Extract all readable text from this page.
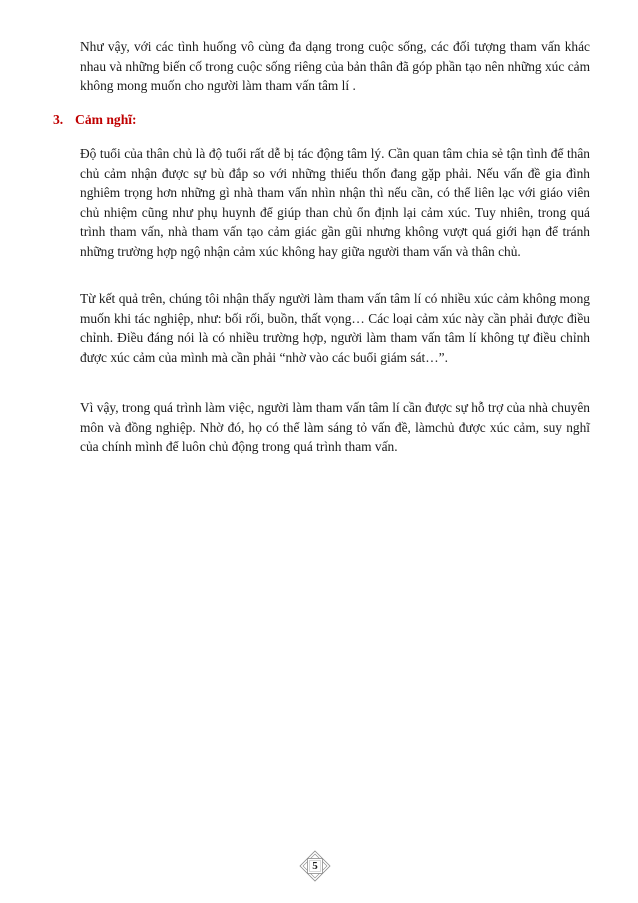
Như vậy, với các tình huống vô cùng đa dạng trong cuộc sống, các đối tượng tham vấn khác nhau và những biến cố trong cuộc sống riêng của bản thân đã góp phần tạo nên những xúc cảm không mong muốn cho người làm tham vấn tâm lí .

3. Cảm nghĩ:

Độ tuổi của thân chủ là độ tuổi rất dễ bị tác động tâm lý. Cần quan tâm chia sẻ tận tình để thân chủ cảm nhận được sự bù đắp so với những thiếu thốn đang gặp phải. Nếu vấn đề gia đình nghiêm trọng hơn những gì nhà tham vấn nhìn nhận thì nếu cần, có thể liên lạc với giáo viên chủ nhiệm cũng như phụ huynh để giúp than chủ ổn định lại cảm xúc. Tuy nhiên, trong quá trình tham vấn, nhà tham vấn tạo cảm giác gần gũi nhưng không vượt quá giới hạn để tránh những trường hợp ngộ nhận cảm xúc không hay giữa người tham vấn và thân chủ.

Từ kết quả trên, chúng tôi nhận thấy người làm tham vấn tâm lí có nhiều xúc cảm không mong muốn khi tác nghiệp, như: bối rối, buồn, thất vọng… Các loại cảm xúc này cần phải được điều chỉnh. Điều đáng nói là có nhiều trường hợp, người làm tham vấn tâm lí không tự điều chỉnh được xúc cảm của mình mà cần phải “nhờ vào các buổi giám sát…”.

Vì vậy, trong quá trình làm việc, người làm tham vấn tâm lí cần được sự hỗ trợ của nhà chuyên môn và đồng nghiệp. Nhờ đó, họ có thể làm sáng tỏ vấn đề, làmchủ được xúc cảm, suy nghĩ của chính mình để luôn chủ động trong quá trình tham vấn.

5
